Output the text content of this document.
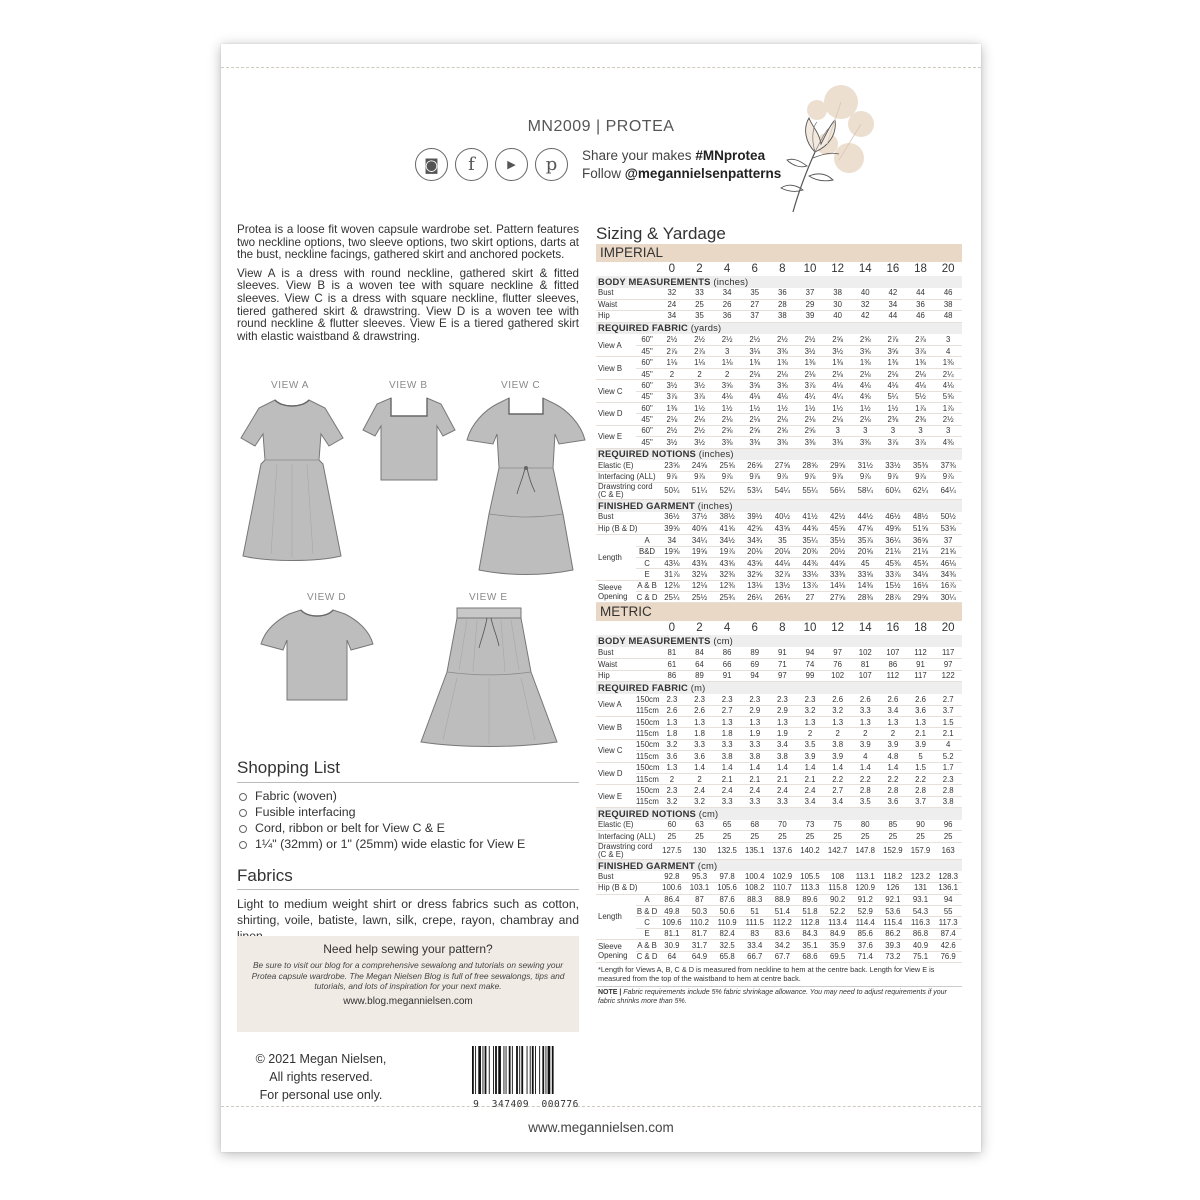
MN2009 | PROTEA
◙ f	▶ p Share your makes #MNprotea
Follow @megannielsenpatterns

Protea is a loose fit woven capsule wardrobe set. Pattern features two neckline options, two sleeve options, two skirt options, darts at the bust, neckline facings, gathered skirt and anchored pockets.

View A is a dress with round neckline, gathered skirt & fitted sleeves. View B is a woven tee with square neckline & fitted sleeves. View C is a dress with square neckline, flutter sleeves, tiered gathered skirt & drawstring. View D is a woven tee with round neckline & flutter sleeves. View E is a tiered gathered skirt with elastic waistband & drawstring.

VIEW A	VIEW B	VIEW C
VIEW D	VIEW E
Shopping List
Fabric (woven)
Fusible interfacing
Cord, ribbon or belt for View C & E
1¼" (32mm) or 1" (25mm) wide elastic for View E
Fabrics
Light to medium weight shirt or dress fabrics such as cotton, shirting, voile, batiste, lawn, silk, crepe, rayon, chambray and
Need help sewing your pattern?
Be sure to visit our blog for a comprehensive sewalong and tutorials on sewing your Protea capsule wardrobe. The Megan Nielsen Blog is full of free sewalongs, tips and tutorials, and lots of inspiration for your next make.
www.blog.megannielsen.com
© 2021 Megan Nielsen,
All rights reserved.
For personal use only.
9  347409  000776
www.megannielsen.com
Sizing & Yardage
IMPERIAL
		0	2	4	6	8	10	12	14	16	18	20
BODY MEASUREMENTS (inches)												
Bust		32	33	34	35	36	37	38	40	42	44	46
Waist		24	25	26	27	28	29	30	32	34	36	38
Hip		34	35	36	37	38	39	40	42	44	46	48
REQUIRED FABRIC (yards)												
View A	60"	2½	2½	2½	2½	2½	2½	2⅝	2⅝	2⅞	2⅞	3
	45"	2⅞	2⅞	3	3⅛	3⅜	3½	3½	3⅝	3⅝	3⅞	4
View B	60"	1⅛	1⅛	1⅛	1⅜	1⅜	1⅜	1⅜	1⅜	1⅜	1⅜	1⅜
	45"	2	2	2	2⅛	2⅛	2⅛	2⅛	2⅛	2⅛	2⅛	2¼
View C	60"	3½	3½	3⅝	3⅝	3⅝	3⅞	4⅛	4⅛	4⅛	4⅛	4⅛
	45"	3⅞	3⅞	4⅛	4⅛	4⅛	4¼	4¼	4⅝	5¼	5½	5⅝
View D	60"	1⅜	1½	1½	1½	1½	1½	1½	1½	1½	1⅞	1⅞
	45"	2⅛	2⅛	2⅛	2⅛	2⅛	2⅛	2⅛	2⅛	2⅜	2⅜	2½
View E	60"	2½	2½	2⅝	2⅝	2⅝	2⅝	3	3	3	3	3
	45"	3½	3½	3⅜	3⅜	3⅜	3⅜	3⅜	3⅜	3⅞	3⅞	4⅜
REQUIRED NOTIONS (inches)												
Elastic (E)		23⅝	24⅝	25⅝	26⅝	27⅝	28⅝	29⅝	31½	33½	35⅜	37⅜
Interfacing (ALL)		9⅞	9⅞	9⅞	9⅞	9⅞	9⅞	9⅞	9⅞	9⅞	9⅞	9⅞
Drawstring cord (C & E)		50¼	51¼	52¼	53¼	54¼	55¼	56¼	58¼	60¼	62¼	64¼
FINISHED GARMENT (inches)												
Bust		36½	37½	38½	39½	40½	41½	42½	44½	46½	48½	50½
Hip (B & D)		39⅝	40⅝	41⅝	42⅝	43⅝	44⅝	45⅝	47⅝	49⅝	51⅝	53⅝
Length	A	34	34¼	34½	34¾	35	35¼	35½	35⅞	36¼	36⅝	37
	B&D	19⅝	19⅝	19⅞	20⅛	20⅛	20⅜	20½	20⅝	21⅛	21⅛	21⅝
	C	43⅛	43⅜	43⅝	43⅝	44⅛	44⅜	44⅝	45	45⅜	45¾	46⅛
	E	31⅞	32⅛	32⅜	32⅝	32⅞	33⅛	33⅜	33⅝	33⅞	34⅛	34⅜
Sleeve Opening	A & B	12⅛	12⅛	12⅜	13⅛	13½	13⅞	14⅛	14⅜	15½	16⅛	16⅞
	C & D	25¼	25½	25¾	26¼	26¾	27	27⅝	28⅜	28⅞	29⅝	30¼
METRIC
		0	2	4	6	8	10	12	14	16	18	20
BODY MEASUREMENTS (cm)												
Bust		81	84	86	89	91	94	97	102	107	112	117
Waist		61	64	66	69	71	74	76	81	86	91	97
Hip		86	89	91	94	97	99	102	107	112	117	122
REQUIRED FABRIC (m)												
View A	150cm	2.3	2.3	2.3	2.3	2.3	2.3	2.6	2.6	2.6	2.6	2.7
	115cm	2.6	2.6	2.7	2.9	2.9	3.2	3.2	3.3	3.4	3.6	3.7
View B	150cm	1.3	1.3	1.3	1.3	1.3	1.3	1.3	1.3	1.3	1.3	1.5
	115cm	1.8	1.8	1.8	1.9	1.9	2	2	2	2	2.1	2.1
View C	150cm	3.2	3.3	3.3	3.3	3.4	3.5	3.8	3.9	3.9	3.9	4
	115cm	3.6	3.6	3.8	3.8	3.8	3.9	3.9	4	4.8	5	5.2
View D	150cm	1.3	1.4	1.4	1.4	1.4	1.4	1.4	1.4	1.4	1.5	1.7
	115cm	2	2	2.1	2.1	2.1	2.1	2.2	2.2	2.2	2.2	2.3
View E	150cm	2.3	2.4	2.4	2.4	2.4	2.4	2.7	2.8	2.8	2.8	2.8
	115cm	3.2	3.2	3.3	3.3	3.3	3.4	3.4	3.5	3.6	3.7	3.8
REQUIRED NOTIONS (cm)												
Elastic (E)		60	63	65	68	70	73	75	80	85	90	96
Interfacing (ALL)		25	25	25	25	25	25	25	25	25	25	25
Drawstring cord (C & E)		127.5	130	132.5	135.1	137.6	140.2	142.7	147.8	152.9	157.9	163
FINISHED GARMENT (cm)												
Bust		92.8	95.3	97.8	100.4	102.9	105.5	108	113.1	118.2	123.2	128.3
Hip (B & D)		100.6	103.1	105.6	108.2	110.7	113.3	115.8	120.9	126	131	136.1
Length	A	86.4	87	87.6	88.3	88.9	89.6	90.2	91.2	92.1	93.1	94
	B & D	49.8	50.3	50.6	51	51.4	51.8	52.2	52.9	53.6	54.3	55
	C	109.6	110.2	110.9	111.5	112.2	112.8	113.4	114.4	115.4	116.3	117.3
	E	81.1	81.7	82.4	83	83.6	84.3	84.9	85.6	86.2	86.8	87.4
Sleeve Opening	A & B	30.9	31.7	32.5	33.4	34.2	35.1	35.9	37.6	39.3	40.9	42.6
	C & D	64	64.9	65.8	66.7	67.7	68.6	69.5	71.4	73.2	75.1	76.9
*Length for Views A, B, C & D is measured from neckline to hem at the centre back. Length for View E is measured from the top of the waistband to hem at centre back.
NOTE | Fabric requirements include 5% fabric shrinkage allowance. You may need to adjust requirements if your fabric shrinks more than 5%.
